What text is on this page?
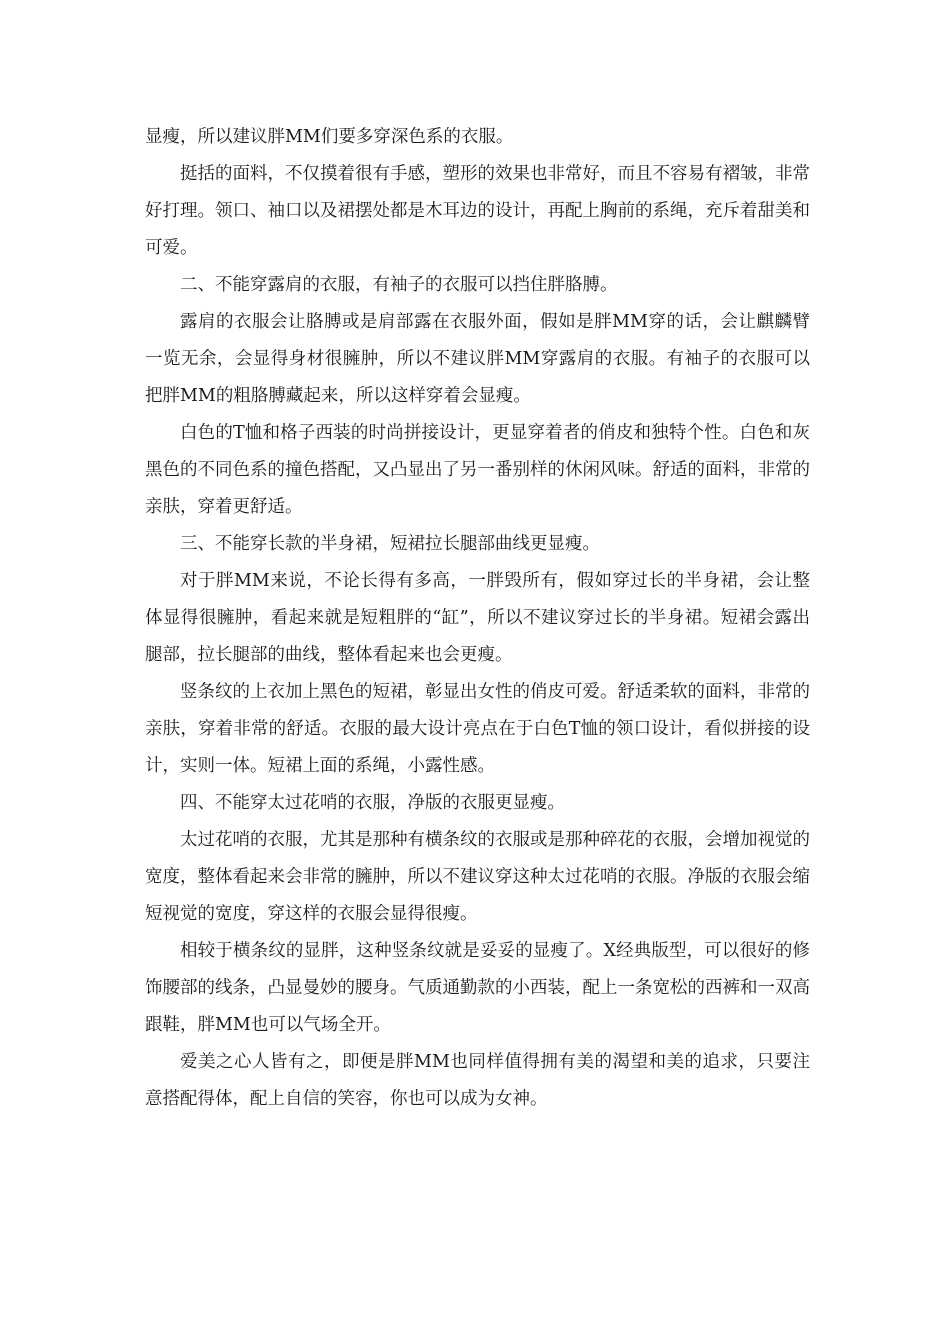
显瘦，所以建议胖MM们要多穿深色系的衣服。

挺括的面料，不仅摸着很有手感，塑形的效果也非常好，而且不容易有褶皱，非常好打理。领口、袖口以及裙摆处都是木耳边的设计，再配上胸前的系绳，充斥着甜美和可爱。

二、不能穿露肩的衣服，有袖子的衣服可以挡住胖胳膊。

露肩的衣服会让胳膊或是肩部露在衣服外面，假如是胖MM穿的话，会让麒麟臂一览无余，会显得身材很臃肿，所以不建议胖MM穿露肩的衣服。有袖子的衣服可以把胖MM的粗胳膊藏起来，所以这样穿着会显瘦。

白色的T恤和格子西装的时尚拼接设计，更显穿着者的俏皮和独特个性。白色和灰黑色的不同色系的撞色搭配，又凸显出了另一番别样的休闲风味。舒适的面料，非常的亲肤，穿着更舒适。

三、不能穿长款的半身裙，短裙拉长腿部曲线更显瘦。

对于胖MM来说，不论长得有多高，一胖毁所有，假如穿过长的半身裙，会让整体显得很臃肿，看起来就是短粗胖的“缸”，所以不建议穿过长的半身裙。短裙会露出腿部，拉长腿部的曲线，整体看起来也会更瘦。

竖条纹的上衣加上黑色的短裙，彰显出女性的俏皮可爱。舒适柔软的面料，非常的亲肤，穿着非常的舒适。衣服的最大设计亮点在于白色T恤的领口设计，看似拼接的设计，实则一体。短裙上面的系绳，小露性感。

四、不能穿太过花哨的衣服，净版的衣服更显瘦。

太过花哨的衣服，尤其是那种有横条纹的衣服或是那种碎花的衣服，会增加视觉的宽度，整体看起来会非常的臃肿，所以不建议穿这种太过花哨的衣服。净版的衣服会缩短视觉的宽度，穿这样的衣服会显得很瘦。

相较于横条纹的显胖，这种竖条纹就是妥妥的显瘦了。X经典版型，可以很好的修饰腰部的线条，凸显曼妙的腰身。气质通勤款的小西装，配上一条宽松的西裤和一双高跟鞋，胖MM也可以气场全开。

爱美之心人皆有之，即便是胖MM也同样值得拥有美的渴望和美的追求，只要注意搭配得体，配上自信的笑容，你也可以成为女神。
